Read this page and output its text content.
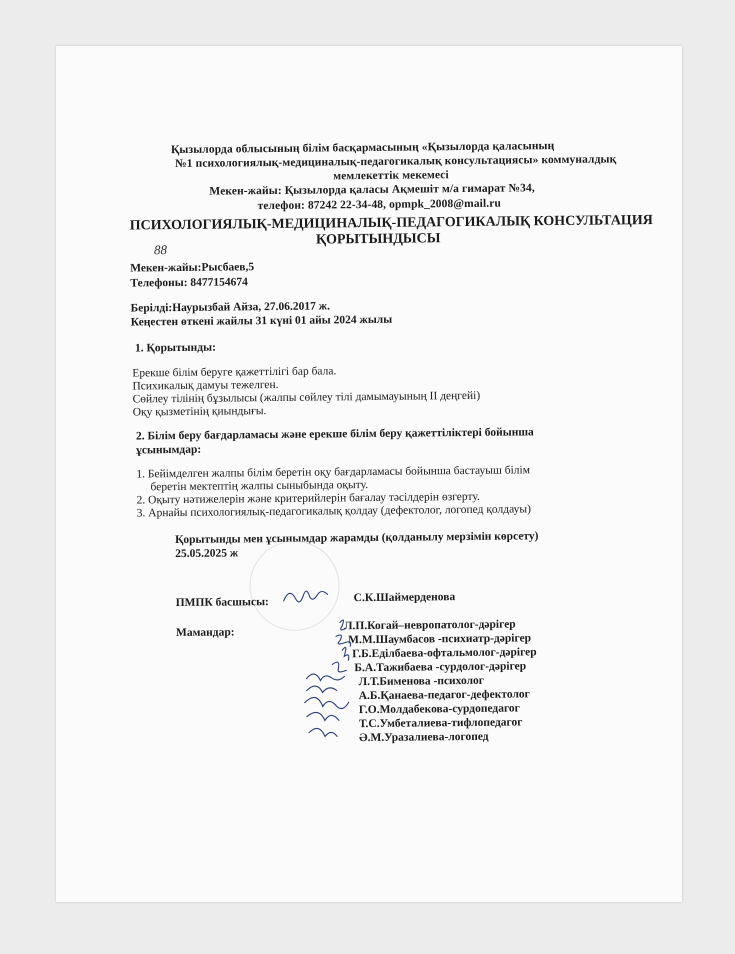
Қызылорда облысының білім басқармасының «Қызылорда қаласының
№1 психологиялық-медициналық-педагогикалық консультациясы» коммуналдық
мемлекеттік мекемесі
Мекен-жайы: Қызылорда қаласы Ақмешіт м/а гимарат №34,
телефон: 87242 22-34-48, opmpk_2008@mail.ru
ПСИХОЛОГИЯЛЫҚ-МЕДИЦИНАЛЫҚ-ПЕДАГОГИКАЛЫҚ КОНСУЛЬТАЦИЯ
ҚОРЫТЫНДЫСЫ
88
Мекен-жайы:Рысбаев,5
Телефоны: 8477154674
Берілді:Наурызбай Айза, 27.06.2017 ж.
Кеңестен өткені жайлы 31 күні 01 айы 2024 жылы
1. Қорытынды:
Ерекше білім беруге қажеттілігі бар бала.
Психикалық дамуы тежелген.
Сөйлеу тілінің бұзылысы (жалпы сөйлеу тілі дамымауының II деңгейі)
Оқу қызметінің қиындығы.
2. Білім беру бағдарламасы және ерекше білім беру қажеттіліктері бойынша
ұсынымдар:
1. Бейімделген жалпы білім беретін оқу бағдарламасы бойынша бастауыш білім
беретін мектептің жалпы сыныбында оқыту.
2. Оқыту нәтижелерін және критерийлерін бағалау тәсілдерін өзгерту.
3. Арнайы психологиялық-педагогикалық қолдау (дефектолог, логопед қолдауы)
Қорытынды мен ұсынымдар жарамды (қолданылу мерзімін көрсету)
25.05.2025 ж
ПМПК басшысы:	С.К.Шаймерденова
Мамандар:
Л.П.Когай–невропатолог-дәрігер
М.М.Шаумбасов -психиатр-дәрігер
Г.Б.Еділбаева-офтальмолог-дәрігер
Б.А.Тажибаева -сурдолог-дәрігер
Л.Т.Бименова -психолог
А.Б.Қанаева-педагог-дефектолог
Г.О.Молдабекова-сурдопедагог
Т.С.Умбеталиева-тифлопедагог
Ә.М.Уразалиева-логопед
